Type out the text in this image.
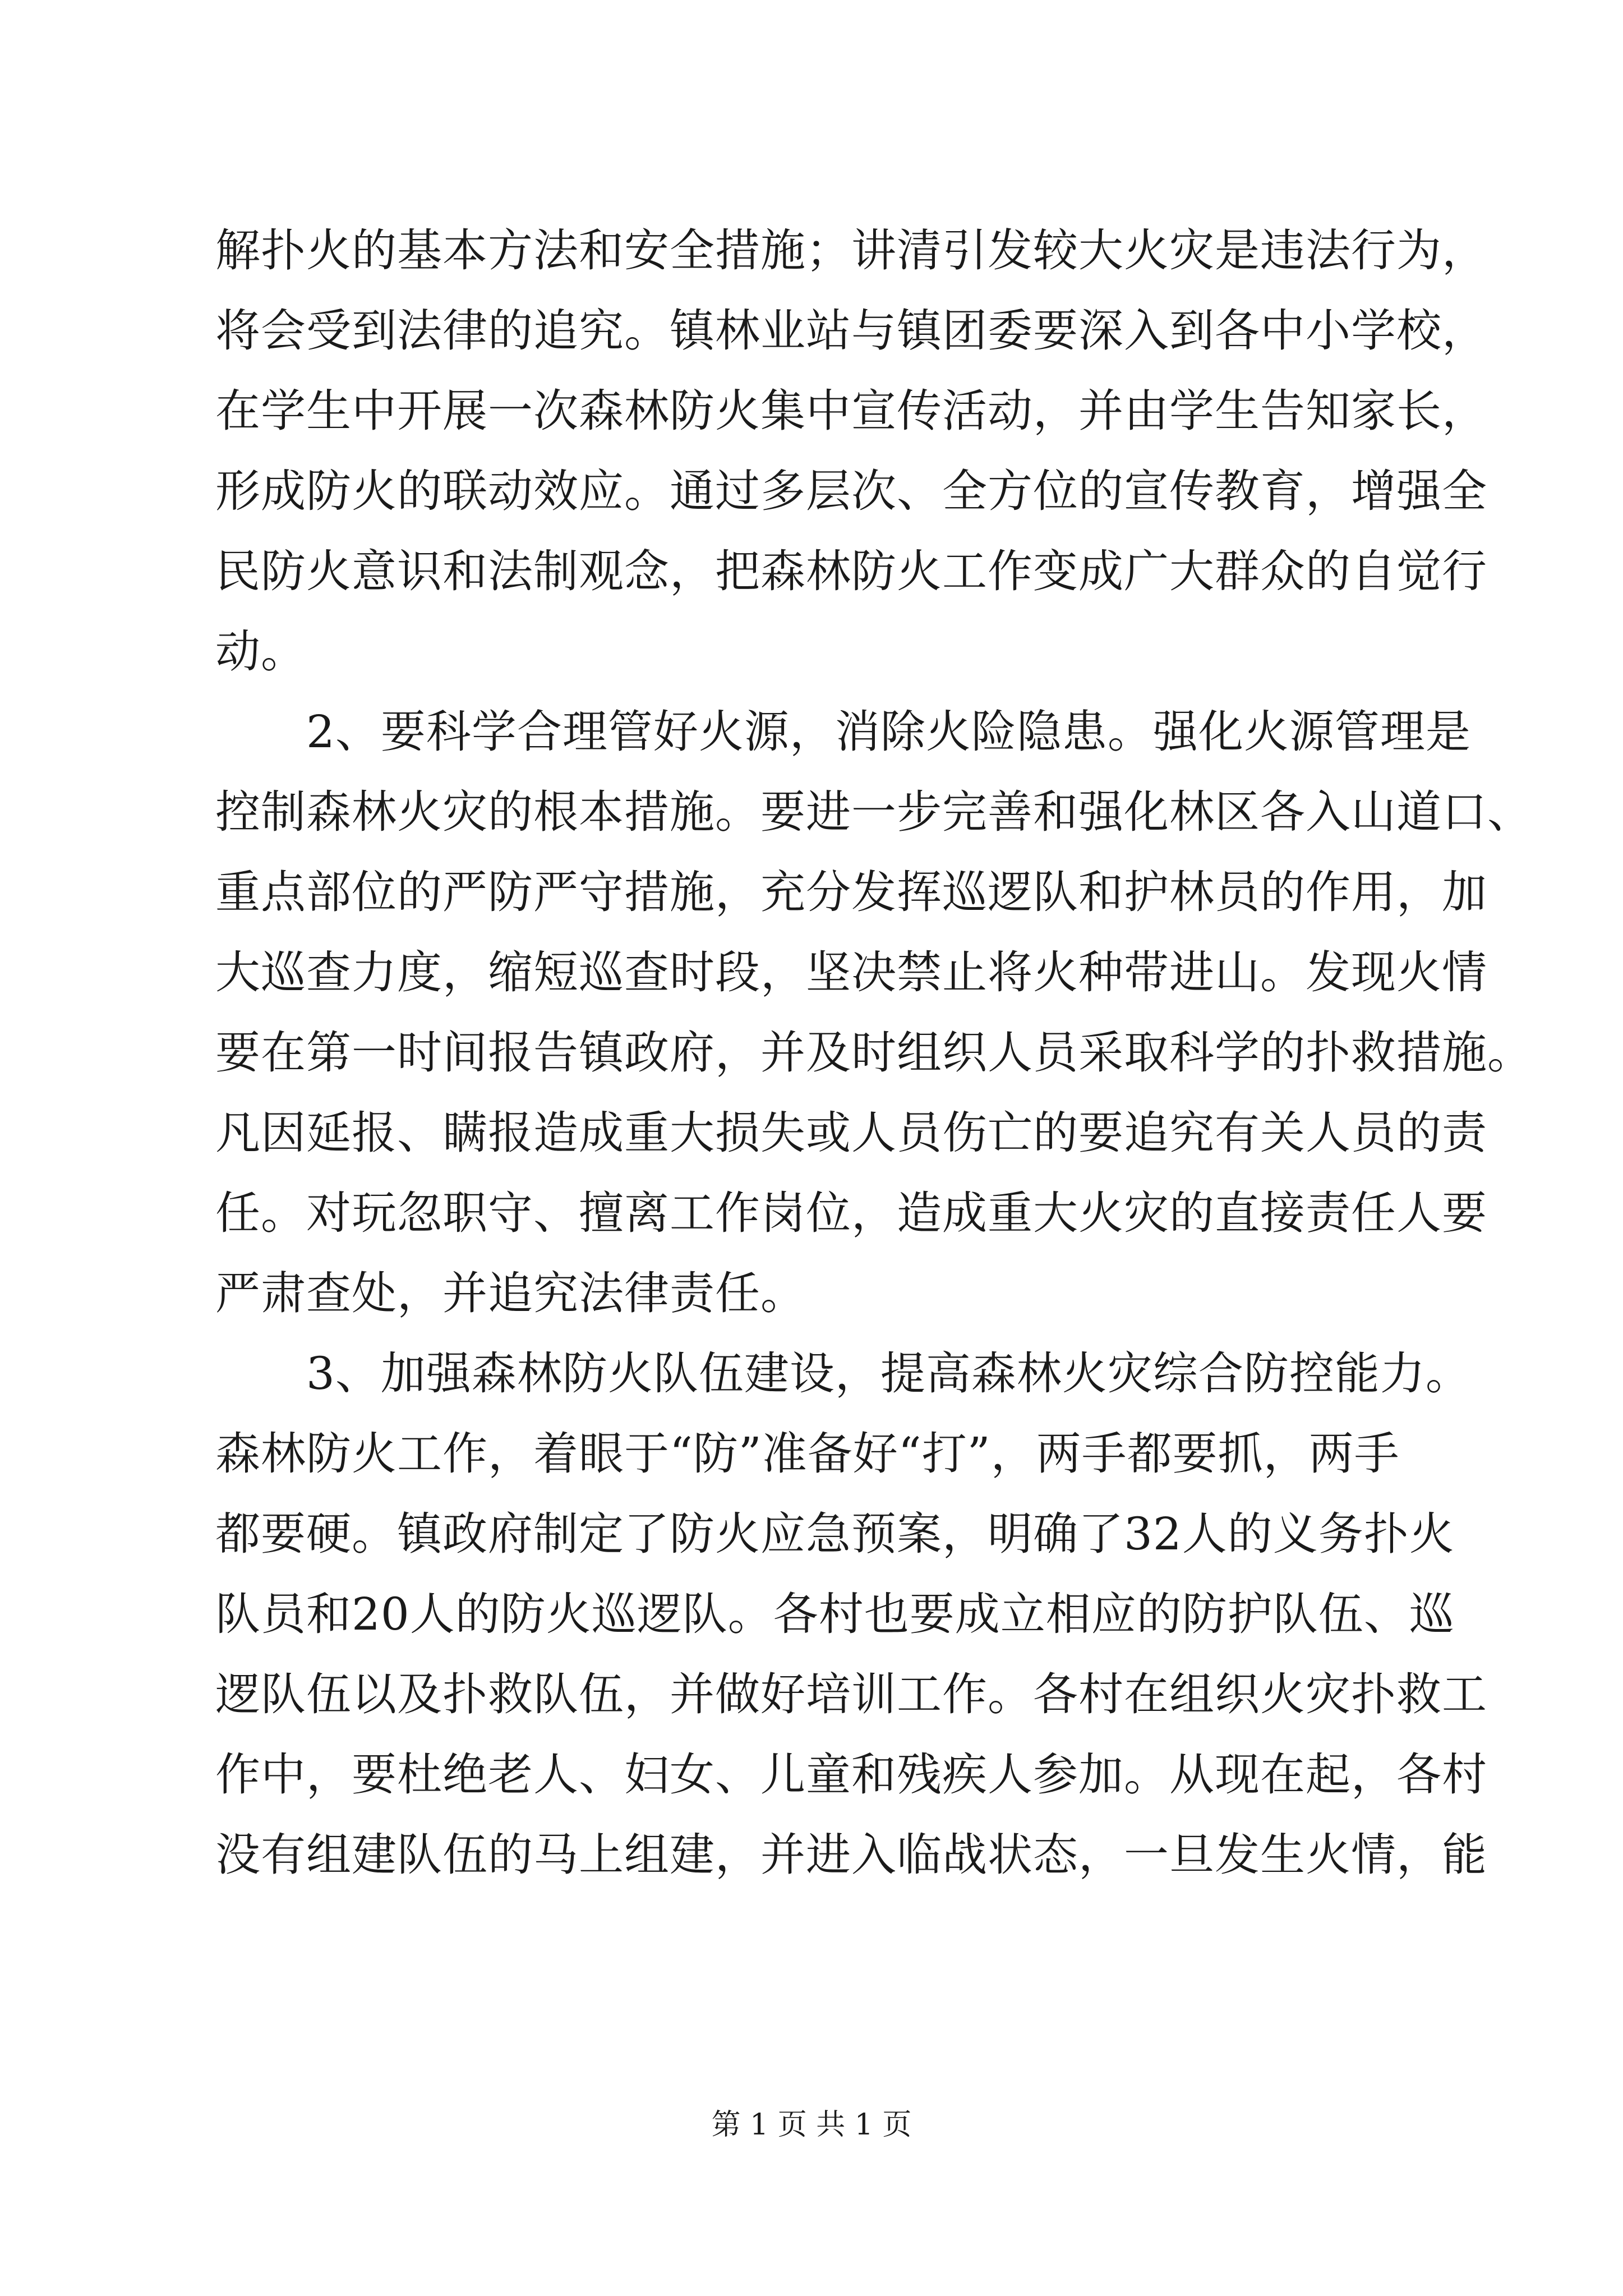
解扑火的基本方法和安全措施；讲清引发较大火灾是违法行为，
将会受到法律的追究。镇林业站与镇团委要深入到各中小学校，
在学生中开展一次森林防火集中宣传活动，并由学生告知家长，
形成防火的联动效应。通过多层次、全方位的宣传教育，增强全
民防火意识和法制观念，把森林防火工作变成广大群众的自觉行
动。
　　2、要科学合理管好火源，消除火险隐患。强化火源管理是
控制森林火灾的根本措施。要进一步完善和强化林区各入山道口、
重点部位的严防严守措施，充分发挥巡逻队和护林员的作用，加
大巡查力度，缩短巡查时段，坚决禁止将火种带进山。发现火情
要在第一时间报告镇政府，并及时组织人员采取科学的扑救措施。
凡因延报、瞒报造成重大损失或人员伤亡的要追究有关人员的责
任。对玩忽职守、擅离工作岗位，造成重大火灾的直接责任人要
严肃查处，并追究法律责任。
　　3、加强森林防火队伍建设，提高森林火灾综合防控能力。
森林防火工作，着眼于“防”准备好“打”，两手都要抓，两手
都要硬。镇政府制定了防火应急预案，明确了32人的义务扑火
队员和20人的防火巡逻队。各村也要成立相应的防护队伍、巡
逻队伍以及扑救队伍，并做好培训工作。各村在组织火灾扑救工
作中，要杜绝老人、妇女、儿童和残疾人参加。从现在起，各村
没有组建队伍的马上组建，并进入临战状态，一旦发生火情，能
第 1 页 共 1 页
